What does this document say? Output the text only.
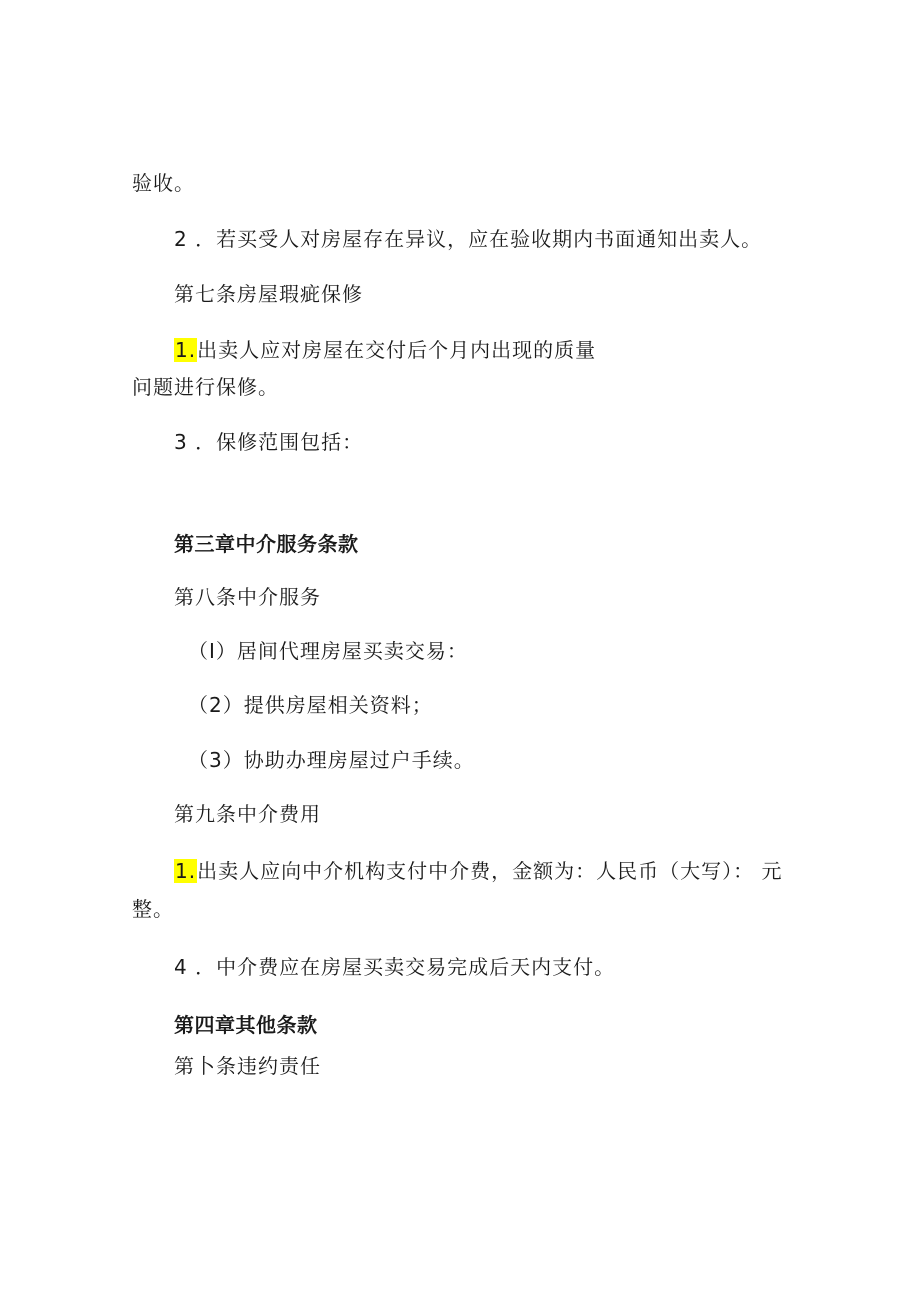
验收。
2 ．若买受人对房屋存在异议，应在验收期内书面通知出卖人。
第七条房屋瑕疵保修
1.出卖人应对房屋在交付后个月内出现的质量
问题进行保修。
3 ．保修范围包括：
第三章中介服务条款
第八条中介服务
（I）居间代理房屋买卖交易：
（2）提供房屋相关资料；
（3）协助办理房屋过户手续。
第九条中介费用
1.出卖人应向中介机构支付中介费，金额为：人民币（大写）： 元
整。
4 ．中介费应在房屋买卖交易完成后天内支付。
第四章其他条款
第卜条违约责任
